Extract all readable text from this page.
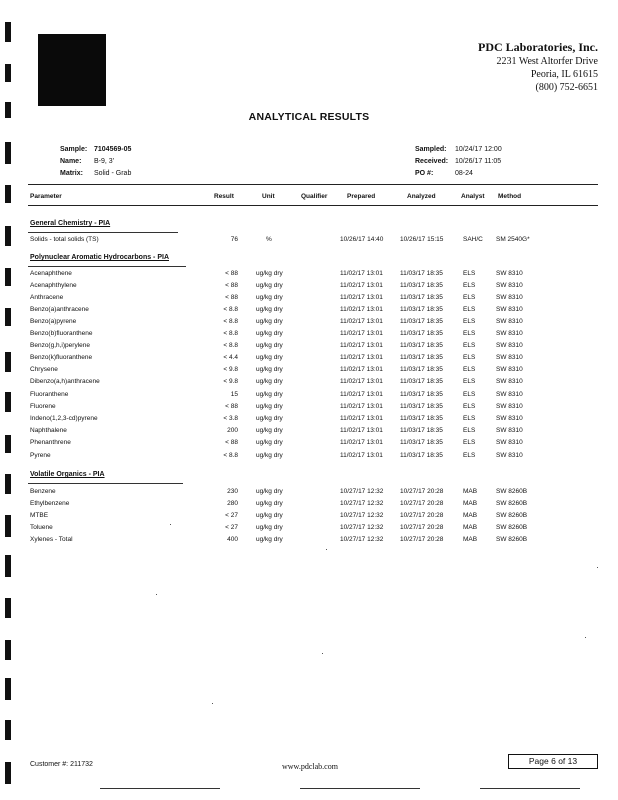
PDC Laboratories, Inc.
2231 West Altorfer Drive
Peoria, IL 61615
(800) 752-6651
ANALYTICAL RESULTS
Sample: 7104569-05
Name: B-9, 3'
Matrix: Solid - Grab
Sampled: 10/24/17 12:00
Received: 10/26/17 11:05
PO #:	08-24
Parameter	Result	Unit	Qualifier	Prepared	Analyzed	Analyst Method
General Chemistry - PIA
Solids - total solids (TS)	76	%	10/26/17 14:40	10/26/17 15:15	SAH/C SM 2540G*
Polynuclear Aromatic Hydrocarbons - PIA
Acenaphthene	< 88	ug/kg dry	11/02/17 13:01	11/03/17 18:35	ELS	SW 8310
Acenaphthylene	< 88	ug/kg dry	11/02/17 13:01	11/03/17 18:35	ELS	SW 8310
Anthracene	< 88	ug/kg dry	11/02/17 13:01	11/03/17 18:35	ELS	SW 8310
Benzo(a)anthracene	< 8.8	ug/kg dry	11/02/17 13:01	11/03/17 18:35	ELS	SW 8310
Benzo(a)pyrene	< 8.8	ug/kg dry	11/02/17 13:01	11/03/17 18:35	ELS	SW 8310
Benzo(b)fluoranthene	< 8.8	ug/kg dry	11/02/17 13:01	11/03/17 18:35	ELS	SW 8310
Benzo(g,h,i)perylene	< 8.8	ug/kg dry	11/02/17 13:01	11/03/17 18:35	ELS	SW 8310
Benzo(k)fluoranthene	< 4.4	ug/kg dry	11/02/17 13:01	11/03/17 18:35	ELS	SW 8310
Chrysene	< 9.8	ug/kg dry	11/02/17 13:01	11/03/17 18:35	ELS	SW 8310
Dibenzo(a,h)anthracene	< 9.8	ug/kg dry	11/02/17 13:01	11/03/17 18:35	ELS	SW 8310
Fluoranthene	15	ug/kg dry	11/02/17 13:01	11/03/17 18:35	ELS	SW 8310
Fluorene	< 88	ug/kg dry	11/02/17 13:01	11/03/17 18:35	ELS	SW 8310
Indeno(1,2,3-cd)pyrene	< 3.8	ug/kg dry	11/02/17 13:01	11/03/17 18:35	ELS	SW 8310
Naphthalene	200	ug/kg dry	11/02/17 13:01	11/03/17 18:35	ELS	SW 8310
Phenanthrene	< 88	ug/kg dry	11/02/17 13:01	11/03/17 18:35	ELS	SW 8310
Pyrene	< 8.8	ug/kg dry	11/02/17 13:01	11/03/17 18:35	ELS	SW 8310
Volatile Organics - PIA
Benzene	230	ug/kg dry	10/27/17 12:32	10/27/17 20:28	MAB	SW 8260B
Ethylbenzene	280	ug/kg dry	10/27/17 12:32	10/27/17 20:28	MAB	SW 8260B
MTBE	< 27	ug/kg dry	10/27/17 12:32	10/27/17 20:28	MAB	SW 8260B
Toluene	< 27	ug/kg dry	10/27/17 12:32	10/27/17 20:28	MAB	SW 8260B
Xylenes - Total	400	ug/kg dry	10/27/17 12:32	10/27/17 20:28	MAB	SW 8260B
Customer #: 211732	www.pdclab.com
Page 6 of 13
